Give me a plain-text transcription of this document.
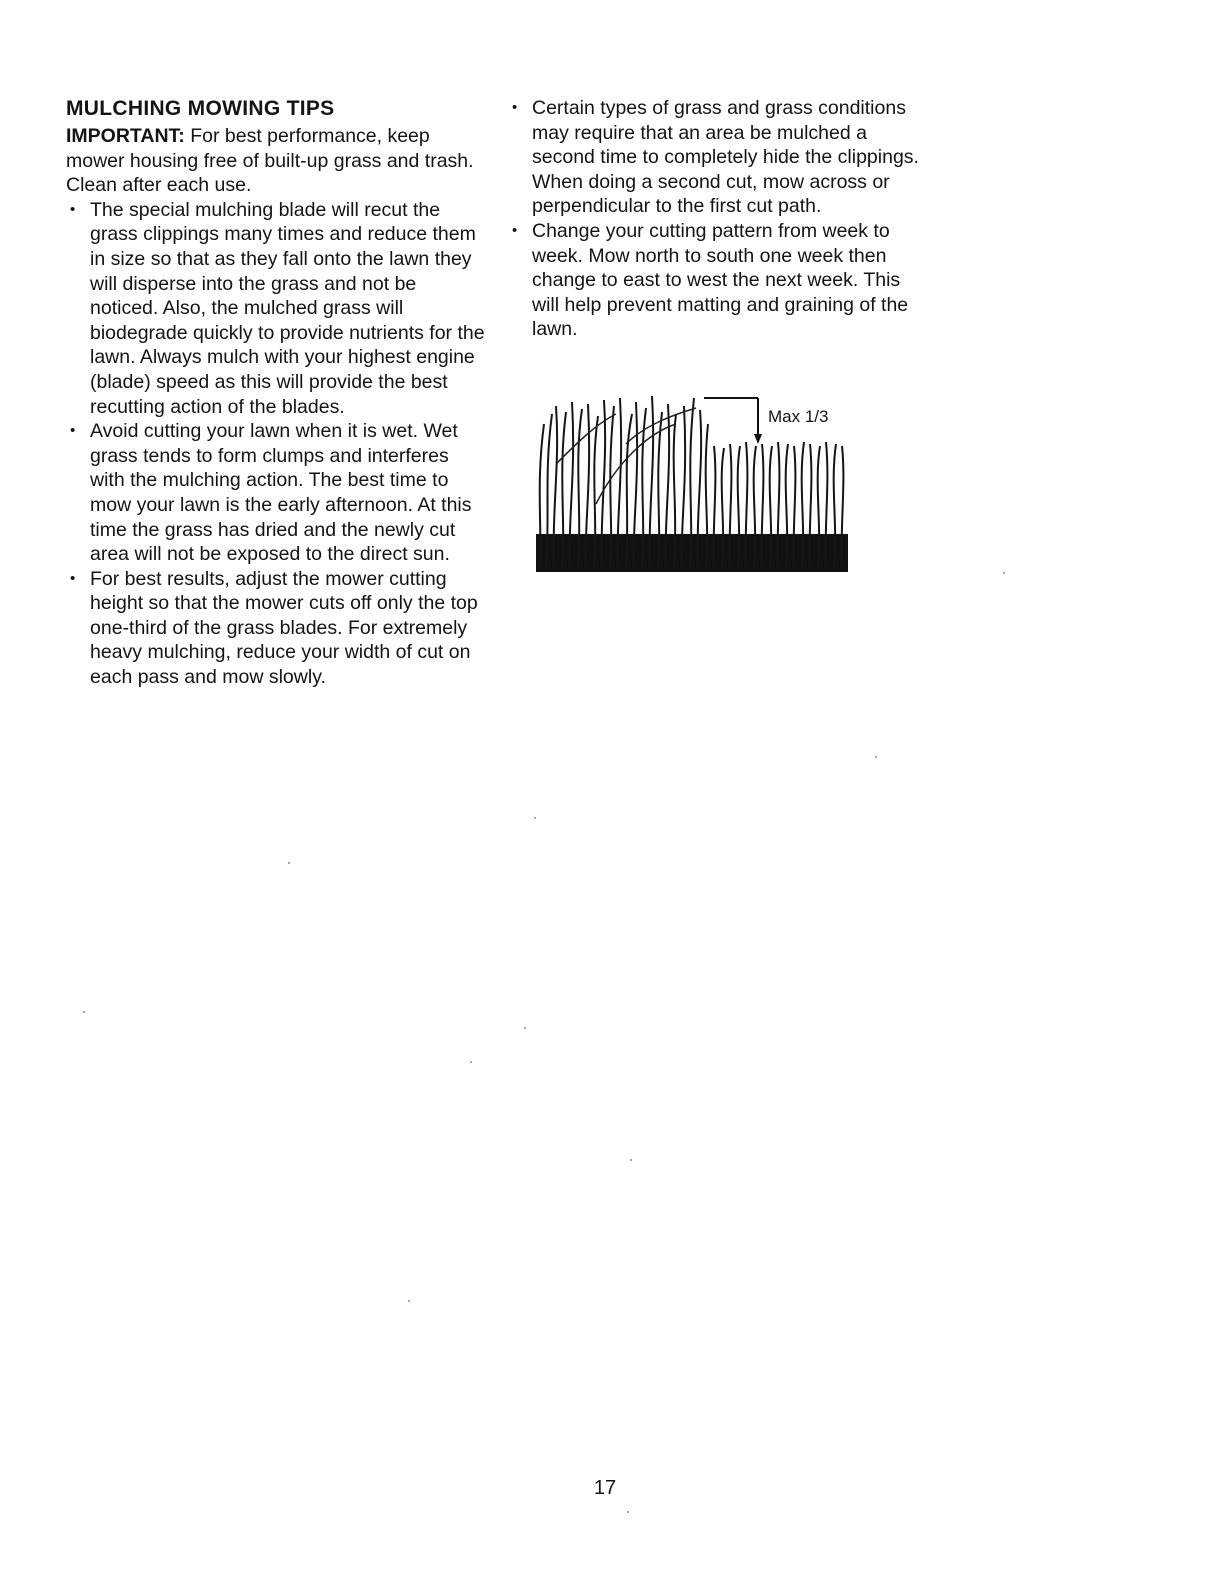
MULCHING MOWING TIPS

IMPORTANT: For best performance, keep mower housing free of built-up grass and trash. Clean after each use.

• The special mulching blade will recut the grass clippings many times and reduce them in size so that as they fall onto the lawn they will disperse into the grass and not be noticed. Also, the mulched grass will biodegrade quickly to provide nutrients for the lawn. Always mulch with your highest engine (blade) speed as this will provide the best recutting action of the blades.
• Avoid cutting your lawn when it is wet. Wet grass tends to form clumps and interferes with the mulching action. The best time to mow your lawn is the early afternoon. At this time the grass has dried and the newly cut area will not be exposed to the direct sun.
• For best results, adjust the mower cutting height so that the mower cuts off only the top one-third of the grass blades. For extremely heavy mulching, reduce your width of cut on each pass and mow slowly.
• Certain types of grass and grass conditions may require that an area be mulched a second time to completely hide the clippings. When doing a second cut, mow across or perpendicular to the first cut path.
• Change your cutting pattern from week to week. Mow north to south one week then change to east to west the next week. This will help prevent matting and graining of the lawn.
Max 1/3
17
